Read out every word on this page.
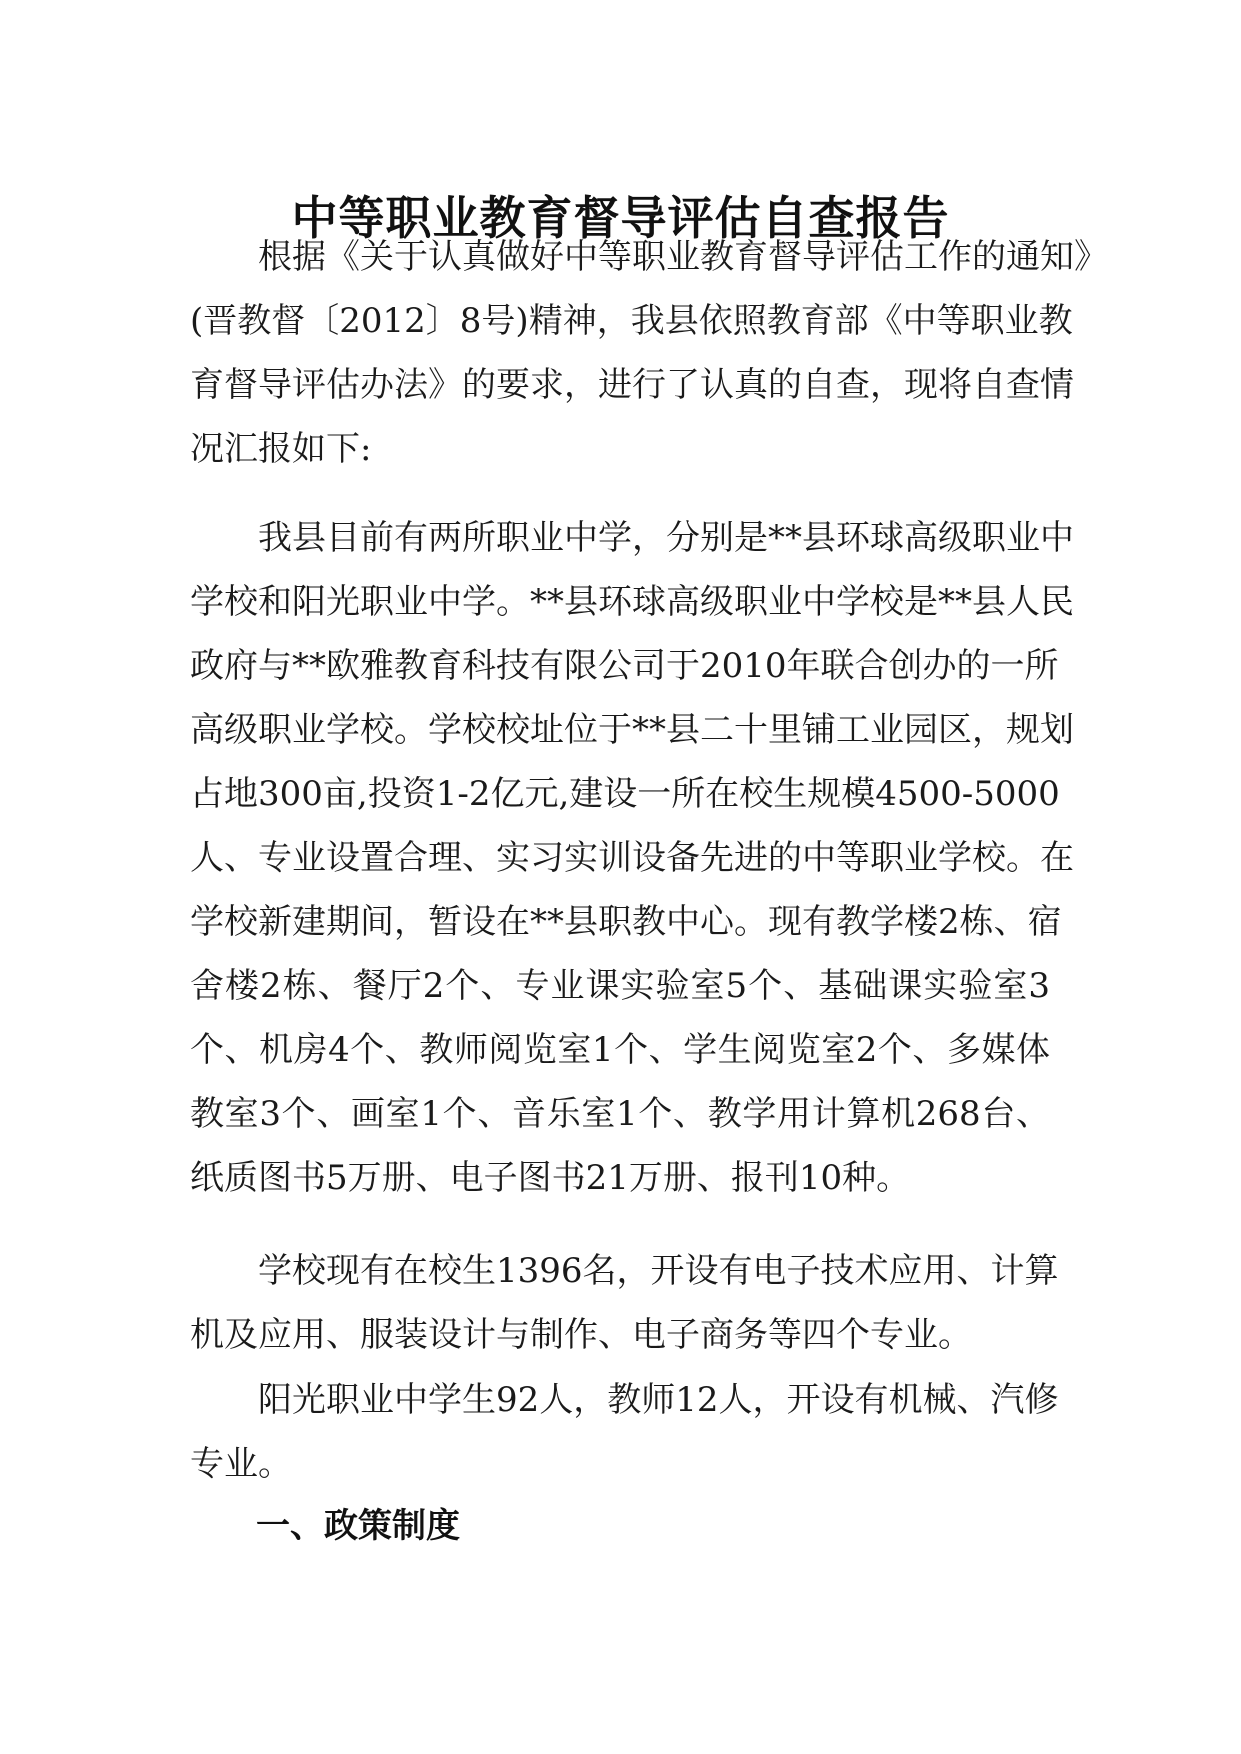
中等职业教育督导评估自查报告
　　根据《关于认真做好中等职业教育督导评估工作的通知》
(晋教督〔2012〕8号)精神，我县依照教育部《中等职业教
育督导评估办法》的要求，进行了认真的自查，现将自查情
况汇报如下:
　　我县目前有两所职业中学，分别是**县环球高级职业中
学校和阳光职业中学。**县环球高级职业中学校是**县人民
政府与**欧雅教育科技有限公司于2010年联合创办的一所
高级职业学校。学校校址位于**县二十里铺工业园区，规划
占地300亩,投资1-2亿元,建设一所在校生规模4500-5000
人、专业设置合理、实习实训设备先进的中等职业学校。在
学校新建期间，暂设在**县职教中心。现有教学楼2栋、宿
舍楼2栋、餐厅2个、专业课实验室5个、基础课实验室3
个、机房4个、教师阅览室1个、学生阅览室2个、多媒体
教室3个、画室1个、音乐室1个、教学用计算机268台、
纸质图书5万册、电子图书21万册、报刊10种。
　　学校现有在校生1396名，开设有电子技术应用、计算
机及应用、服装设计与制作、电子商务等四个专业。
　　阳光职业中学生92人，教师12人，开设有机械、汽修
专业。
一、政策制度
